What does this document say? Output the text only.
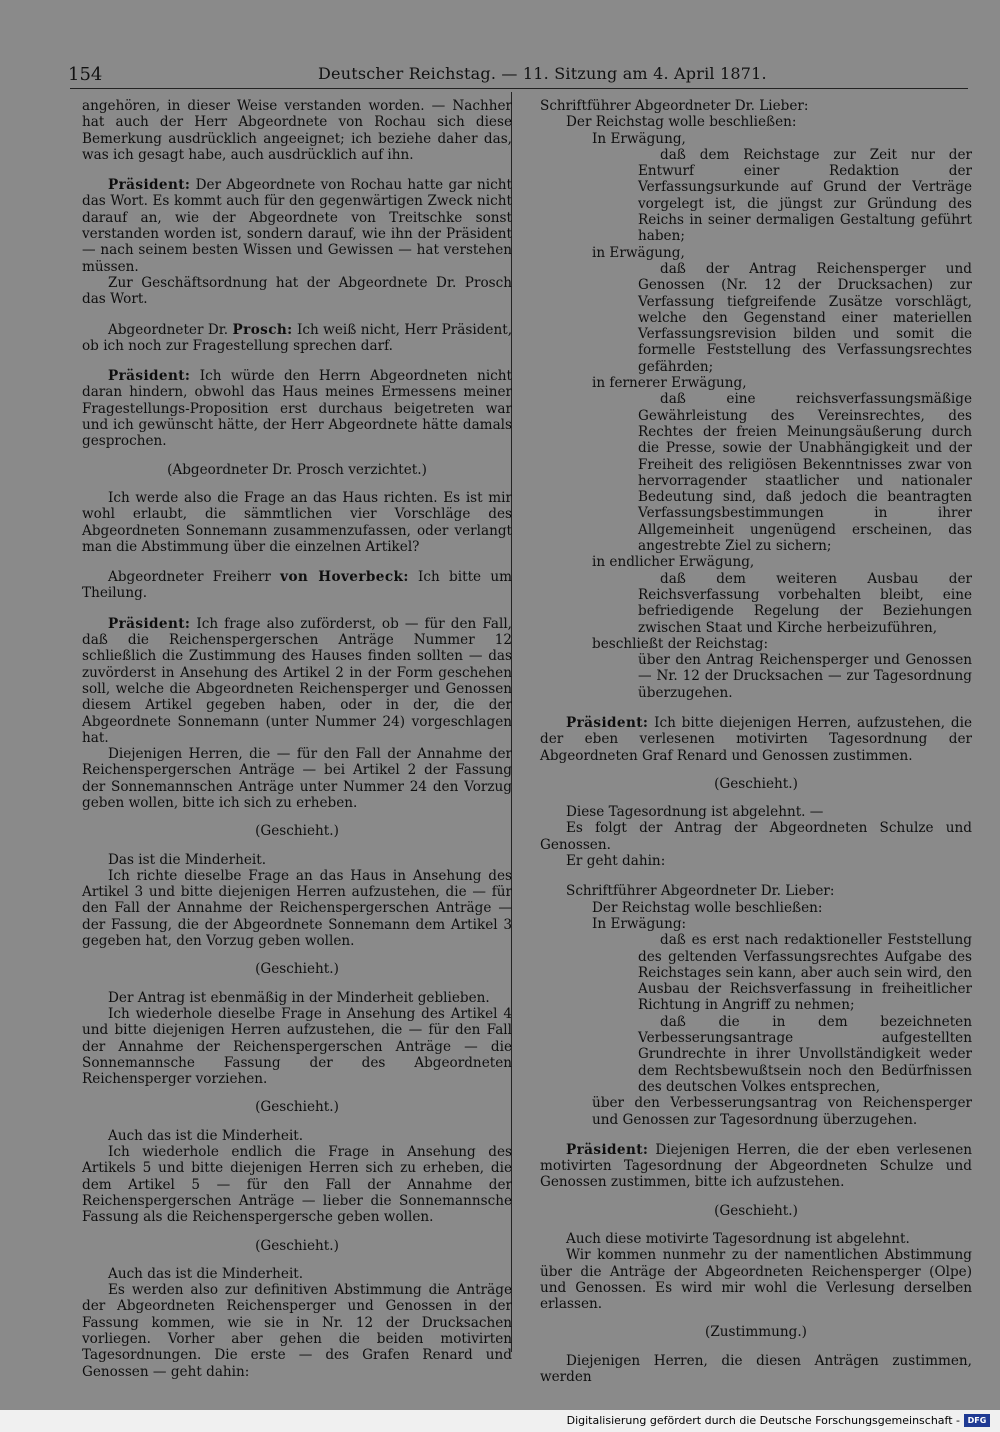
154	Deutscher Reichstag. — 11. Sitzung am 4. April 1871.

angehören, in dieser Weise verstanden worden. — Nachher hat auch der Herr Abgeordnete von Rochau sich diese Bemerkung ausdrücklich angeeignet; ich beziehe daher das, was ich gesagt habe, auch ausdrücklich auf ihn.

Präsident: Der Abgeordnete von Rochau hatte gar nicht das Wort. Es kommt auch für den gegenwärtigen Zweck nicht darauf an, wie der Abgeordnete von Treitschke sonst verstanden worden ist, sondern darauf, wie ihn der Präsident — nach seinem besten Wissen und Gewissen — hat verstehen müssen.

Zur Geschäftsordnung hat der Abgeordnete Dr. Prosch das Wort.

Abgeordneter Dr. Prosch: Ich weiß nicht, Herr Präsident, ob ich noch zur Fragestellung sprechen darf.

Präsident: Ich würde den Herrn Abgeordneten nicht daran hindern, obwohl das Haus meines Ermessens meiner Fragestellungs-Proposition erst durchaus beigetreten war und ich gewünscht hätte, der Herr Abgeordnete hätte damals gesprochen.

(Abgeordneter Dr. Prosch verzichtet.)

Ich werde also die Frage an das Haus richten. Es ist mir wohl erlaubt, die sämmtlichen vier Vorschläge des Abgeordneten Sonnemann zusammenzufassen, oder verlangt man die Abstimmung über die einzelnen Artikel?

Abgeordneter Freiherr von Hoverbeck: Ich bitte um Theilung.

Präsident: Ich frage also zuförderst, ob — für den Fall, daß die Reichenspergerschen Anträge Nummer 12 schließlich die Zustimmung des Hauses finden sollten — das zuvörderst in Ansehung des Artikel 2 in der Form geschehen soll, welche die Abgeordneten Reichensperger und Genossen diesem Artikel gegeben haben, oder in der, die der Abgeordnete Sonnemann (unter Nummer 24) vorgeschlagen hat.

Diejenigen Herren, die — für den Fall der Annahme der Reichenspergerschen Anträge — bei Artikel 2 der Fassung der Sonnemannschen Anträge unter Nummer 24 den Vorzug geben wollen, bitte ich sich zu erheben.

(Geschieht.)

Das ist die Minderheit.

Ich richte dieselbe Frage an das Haus in Ansehung des Artikel 3 und bitte diejenigen Herren aufzustehen, die — für den Fall der Annahme der Reichenspergerschen Anträge — der Fassung, die der Abgeordnete Sonnemann dem Artikel 3 gegeben hat, den Vorzug geben wollen.

(Geschieht.)

Der Antrag ist ebenmäßig in der Minderheit geblieben.

Ich wiederhole dieselbe Frage in Ansehung des Artikel 4 und bitte diejenigen Herren aufzustehen, die — für den Fall der Annahme der Reichenspergerschen Anträge — die Sonnemannsche Fassung der des Abgeordneten Reichensperger vorziehen.

(Geschieht.)

Auch das ist die Minderheit.

Ich wiederhole endlich die Frage in Ansehung des Artikels 5 und bitte diejenigen Herren sich zu erheben, die dem Artikel 5 — für den Fall der Annahme der Reichenspergerschen Anträge — lieber die Sonnemannsche Fassung als die Reichenspergersche geben wollen.

(Geschieht.)

Auch das ist die Minderheit.

Es werden also zur definitiven Abstimmung die Anträge der Abgeordneten Reichensperger und Genossen in der Fassung kommen, wie sie in Nr. 12 der Drucksachen vorliegen. Vorher aber gehen die beiden motivirten Tagesordnungen. Die erste — des Grafen Renard und Genossen — geht dahin:

Schriftführer Abgeordneter Dr. Lieber:

Der Reichstag wolle beschließen:

In Erwägung,

daß dem Reichstage zur Zeit nur der Entwurf einer Redaktion der Verfassungsurkunde auf Grund der Verträge vorgelegt ist, die jüngst zur Gründung des Reichs in seiner dermaligen Gestaltung geführt haben;

in Erwägung,

daß der Antrag Reichensperger und Genossen (Nr. 12 der Drucksachen) zur Verfassung tiefgreifende Zusätze vorschlägt, welche den Gegenstand einer materiellen Verfassungsrevision bilden und somit die formelle Feststellung des Verfassungsrechtes gefährden;

in fernerer Erwägung,

daß eine reichsverfassungsmäßige Gewährleistung des Vereinsrechtes, des Rechtes der freien Meinungsäußerung durch die Presse, sowie der Unabhängigkeit und der Freiheit des religiösen Bekenntnisses zwar von hervorragender staatlicher und nationaler Bedeutung sind, daß jedoch die beantragten Verfassungsbestimmungen in ihrer Allgemeinheit ungenügend erscheinen, das angestrebte Ziel zu sichern;

in endlicher Erwägung,

daß dem weiteren Ausbau der Reichsverfassung vorbehalten bleibt, eine befriedigende Regelung der Beziehungen zwischen Staat und Kirche herbeizuführen,

beschließt der Reichstag:

über den Antrag Reichensperger und Genossen — Nr. 12 der Drucksachen — zur Tagesordnung überzugehen.

Präsident: Ich bitte diejenigen Herren, aufzustehen, die der eben verlesenen motivirten Tagesordnung der Abgeordneten Graf Renard und Genossen zustimmen.

(Geschieht.)

Diese Tagesordnung ist abgelehnt. —

Es folgt der Antrag der Abgeordneten Schulze und Genossen.

Er geht dahin:

Schriftführer Abgeordneter Dr. Lieber:

Der Reichstag wolle beschließen:

In Erwägung:

daß es erst nach redaktioneller Feststellung des geltenden Verfassungsrechtes Aufgabe des Reichstages sein kann, aber auch sein wird, den Ausbau der Reichsverfassung in freiheitlicher Richtung in Angriff zu nehmen;

daß die in dem bezeichneten Verbesserungsantrage aufgestellten Grundrechte in ihrer Unvollständigkeit weder dem Rechtsbewußtsein noch den Bedürfnissen des deutschen Volkes entsprechen,

über den Verbesserungsantrag von Reichensperger und Genossen zur Tagesordnung überzugehen.

Präsident: Diejenigen Herren, die der eben verlesenen motivirten Tagesordnung der Abgeordneten Schulze und Genossen zustimmen, bitte ich aufzustehen.

(Geschieht.)

Auch diese motivirte Tagesordnung ist abgelehnt.

Wir kommen nunmehr zu der namentlichen Abstimmung über die Anträge der Abgeordneten Reichensperger (Olpe) und Genossen. Es wird mir wohl die Verlesung derselben erlassen.

(Zustimmung.)

Diejenigen Herren, die diesen Anträgen zustimmen, werden

Digitalisierung gefördert durch die Deutsche Forschungsgemeinschaft - DFG
